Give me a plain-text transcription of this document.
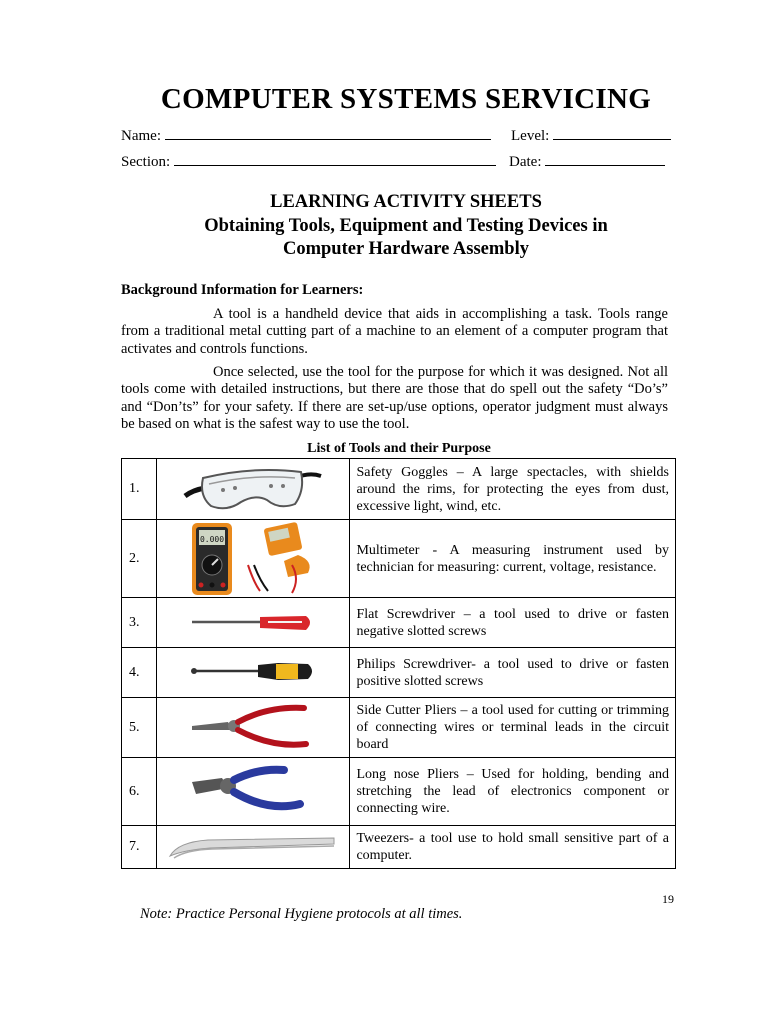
COMPUTER SYSTEMS SERVICING
Name:	Level:
Section:	Date:
LEARNING ACTIVITY SHEETS
Obtaining Tools, Equipment and Testing Devices in
Computer Hardware Assembly
Background Information for Learners:
A tool is a handheld device that aids in accomplishing a task. Tools range from a traditional metal cutting part of a machine to an element of a computer program that activates and controls functions.
Once selected, use the tool for the purpose for which it was designed. Not all tools come with detailed instructions, but there are those that do spell out the safety “Do’s” and “Don’ts” for your safety. If there are set-up/use options, operator judgment must always be based on what is the safest way to use the tool.
List of Tools and their Purpose
1.		Safety Goggles – A large spectacles, with shields around the rims, for protecting the eyes from dust, excessive light, wind, etc.
2.	0.000	Multimeter - A measuring instrument used by technician for measuring: current, voltage, resistance.
3.		Flat Screwdriver – a tool used to drive or fasten negative slotted screws
4.		Philips Screwdriver- a tool used to drive or fasten positive slotted screws
5.		Side Cutter Pliers – a tool used for cutting or trimming of connecting wires or terminal leads in the circuit board
6.		Long nose Pliers – Used for holding, bending and stretching the lead of electronics component or connecting wire.
7.		Tweezers- a tool use to hold small sensitive part of a computer.
19
Note: Practice Personal Hygiene protocols at all times.
